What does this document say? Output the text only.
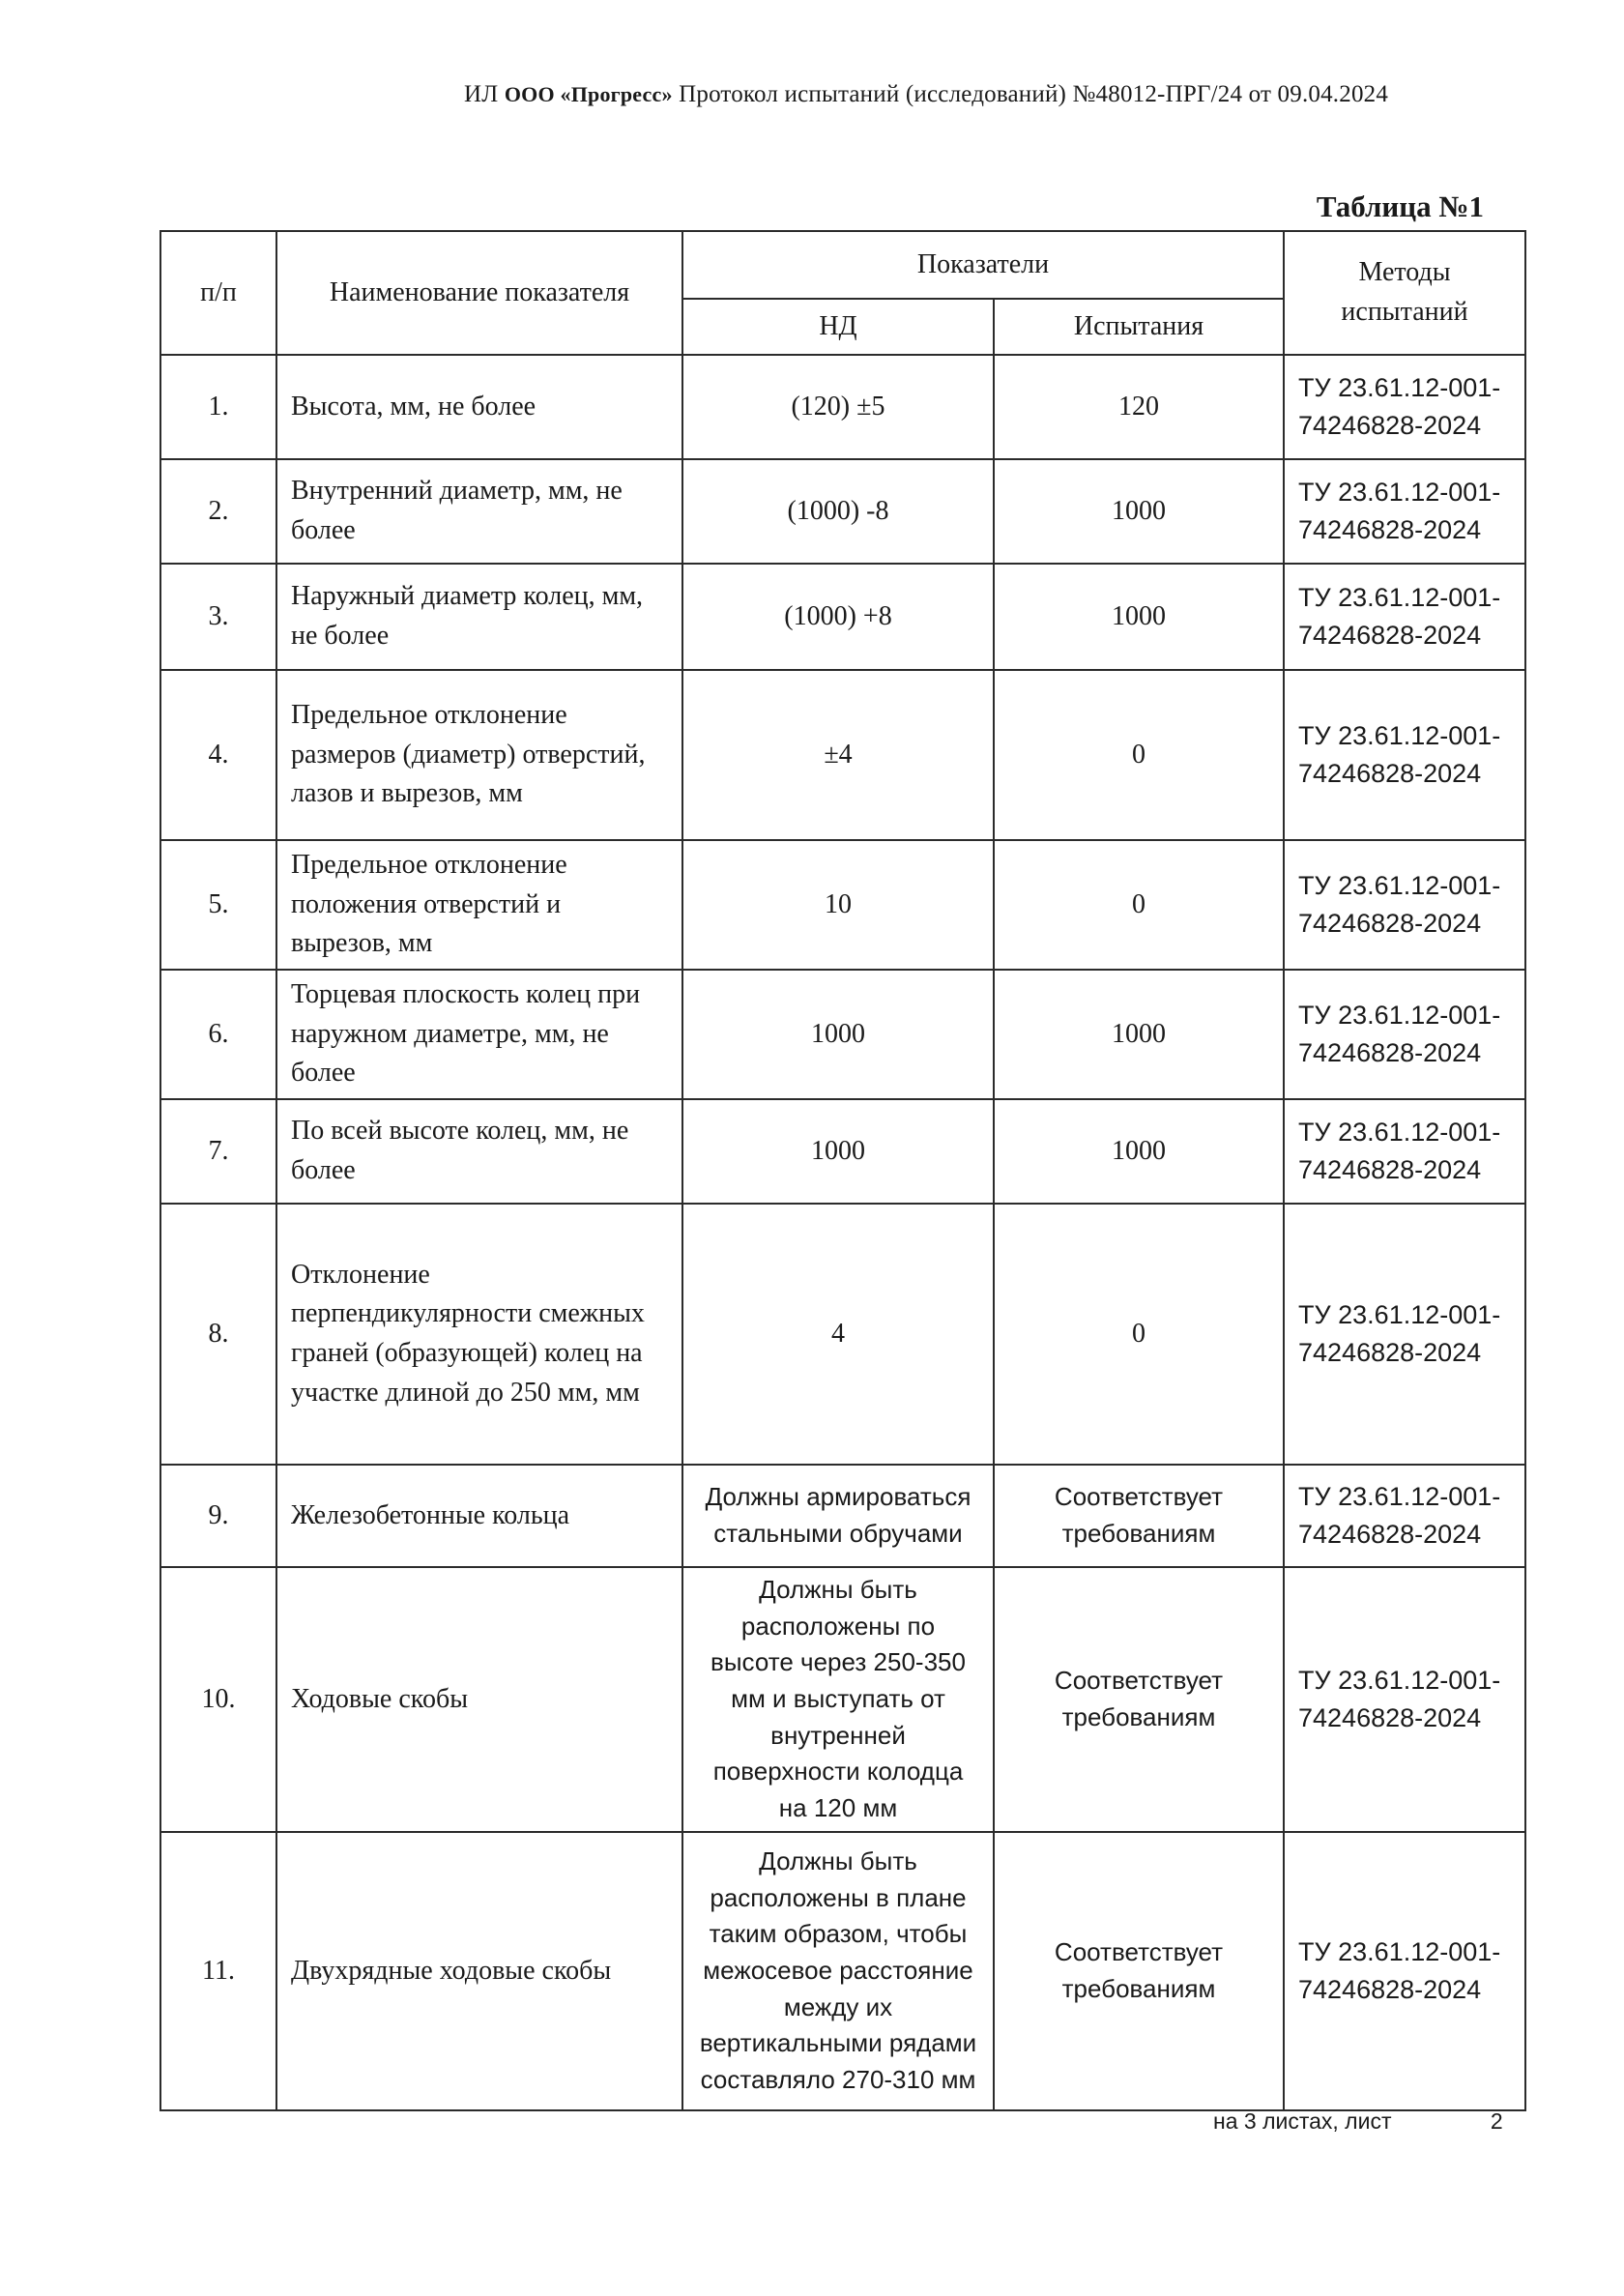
ИЛ ООО «Прогресс» Протокол испытаний (исследований) №48012-ПРГ/24 от 09.04.2024
Таблица №1
п/п	Наименование показателя	Показатели		Методы испытаний
		НД	Испытания	
1.	Высота, мм, не более	(120) ±5	120	ТУ 23.61.12-001-74246828-2024
2.	Внутренний диаметр, мм, не более	(1000) -8	1000	ТУ 23.61.12-001-74246828-2024
3.	Наружный диаметр колец, мм, не более	(1000) +8	1000	ТУ 23.61.12-001-74246828-2024
4.	Предельное отклонение размеров (диаметр) отверстий, лазов и вырезов, мм	±4	0	ТУ 23.61.12-001-74246828-2024
5.	Предельное отклонение положения отверстий и вырезов, мм	10	0	ТУ 23.61.12-001-74246828-2024
6.	Торцевая плоскость колец при наружном диаметре, мм, не более	1000	1000	ТУ 23.61.12-001-74246828-2024
7.	По всей высоте колец, мм, не более	1000	1000	ТУ 23.61.12-001-74246828-2024
8.	Отклонение перпендикулярности смежных граней (образующей) колец на участке длиной до 250 мм, мм	4	0	ТУ 23.61.12-001-74246828-2024
9.	Железобетонные кольца	Должны армироваться стальными обручами	Соответствует требованиям	ТУ 23.61.12-001-74246828-2024
10.	Ходовые скобы	Должны быть расположены по высоте через 250-350 мм и выступать от внутренней поверхности колодца на 120 мм	Соответствует требованиям	ТУ 23.61.12-001-74246828-2024
11.	Двухрядные ходовые скобы	Должны быть расположены в плане таким образом, чтобы межосевое расстояние между их вертикальными рядами составляло 270-310 мм	Соответствует требованиям	ТУ 23.61.12-001-74246828-2024
на 3 листах, лист	2
